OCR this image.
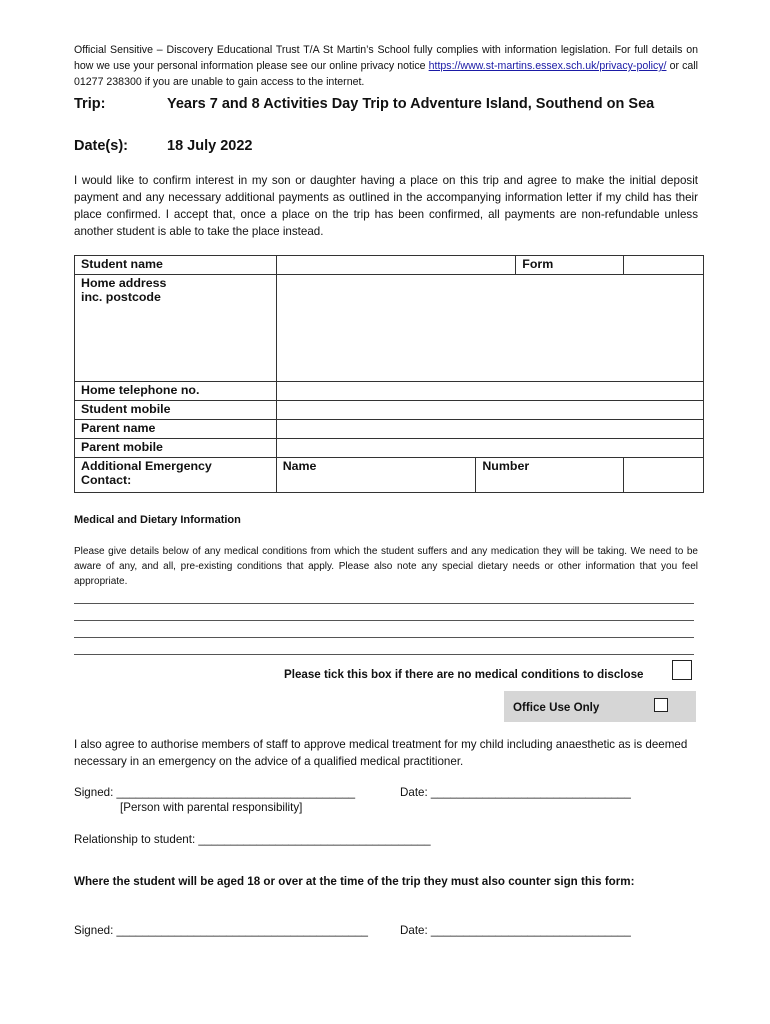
Official Sensitive – Discovery Educational Trust T/A St Martin’s School fully complies with information legislation. For full details on how we use your personal information please see our online privacy notice https://www.st-martins.essex.sch.uk/privacy-policy/ or call 01277 238300 if you are unable to gain access to the internet.
Trip:	Years 7 and 8 Activities Day Trip to Adventure Island, Southend on Sea
Date(s):	18 July 2022
I would like to confirm interest in my son or daughter having a place on this trip and agree to make the initial deposit payment and any necessary additional payments as outlined in the accompanying information letter if my child has their place confirmed. I accept that, once a place on the trip has been confirmed, all payments are non-refundable unless another student is able to take the place instead.
Student name			Form	

Home address
inc. postcode				

Home telephone no.				
Student mobile				
Parent name				
Parent mobile				

Additional Emergency
Contact:	Name	Number		
Medical and Dietary Information
Please give details below of any medical conditions from which the student suffers and any medication they will be taking. We need to be aware of any, and all, pre-existing conditions that apply. Please also note any special dietary needs or other information that you feel appropriate.
Please tick this box if there are no medical conditions to disclose
Office Use Only
I also agree to authorise members of staff to approve medical treatment for my child including anaesthetic as is deemed necessary in an emergency on the advice of a qualified medical practitioner.
Signed: _____________________________________	Date: _______________________________
[Person with parental responsibility]
Relationship to student: ____________________________________
Where the student will be aged 18 or over at the time of the trip they must also counter sign this form:
Signed: _______________________________________	Date: _______________________________
